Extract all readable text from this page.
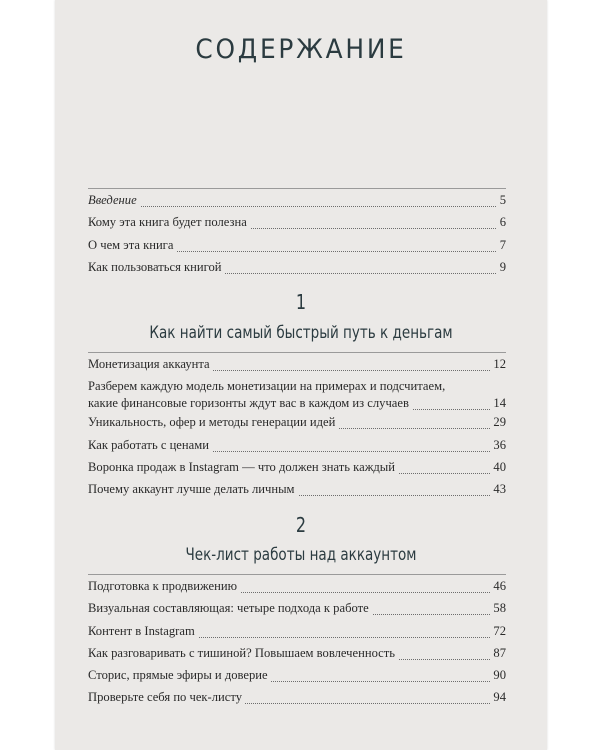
СОДЕРЖАНИЕ
Введение	5
Кому эта книга будет полезна	6
О чем эта книга	7
Как пользоваться книгой	9
1
Как найти самый быстрый путь к деньгам
Монетизация аккаунта	12
Разберем каждую модель монетизации на примерах и подсчитаем,
какие финансовые горизонты ждут вас в каждом из случаев	14
Уникальность, офер и методы генерации идей	29
Как работать с ценами	36
Воронка продаж в Instagram — что должен знать каждый	40
Почему аккаунт лучше делать личным	43
2
Чек-лист работы над аккаунтом
Подготовка к продвижению	46
Визуальная составляющая: четыре подхода к работе	58
Контент в Instagram	72
Как разговаривать с тишиной? Повышаем вовлеченность	87
Сторис, прямые эфиры и доверие	90
Проверьте себя по чек-листу	94
